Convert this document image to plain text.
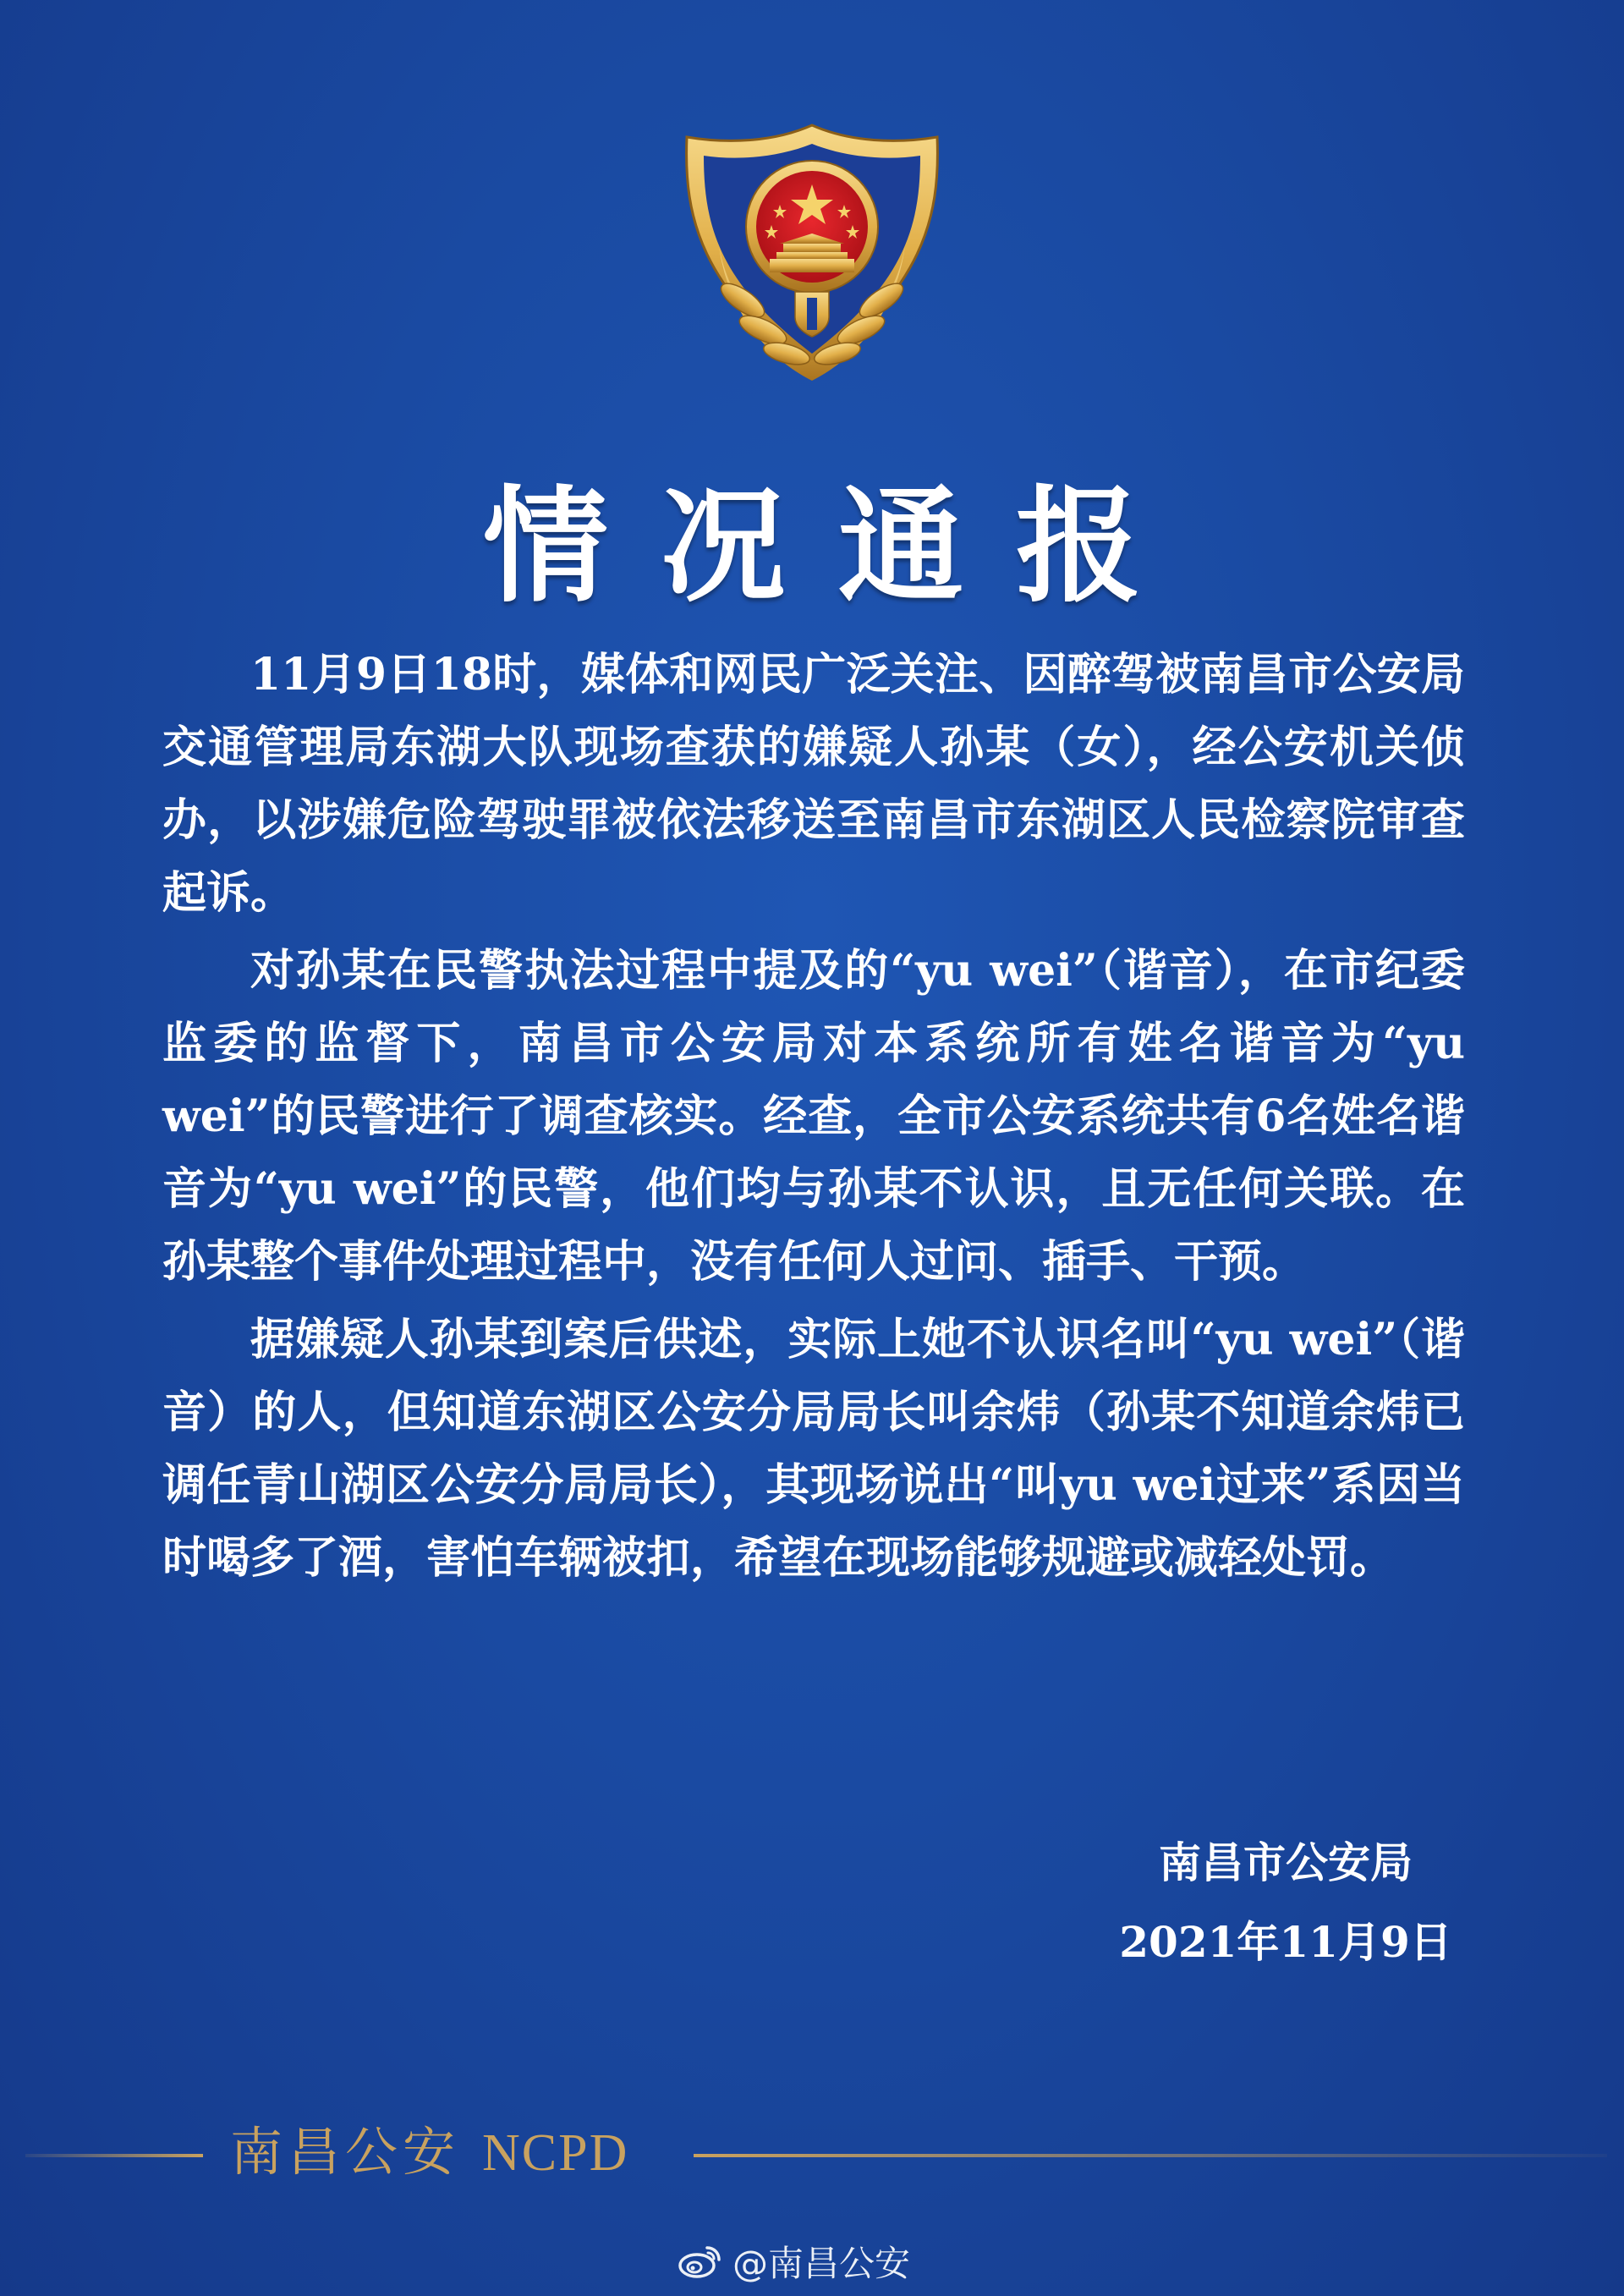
情况通报

11月9日18时，媒体和网民广泛关注、因醉驾被南昌市公安局交通管理局东湖大队现场查获的嫌疑人孙某（女），经公安机关侦办，以涉嫌危险驾驶罪被依法移送至南昌市东湖区人民检察院审查起诉。

对孙某在民警执法过程中提及的“yu wei”（谐音），在市纪委监委的监督下，南昌市公安局对本系统所有姓名谐音为“yu wei”的民警进行了调查核实。经查，全市公安系统共有6名姓名谐音为“yu wei”的民警，他们均与孙某不认识，且无任何关联。在孙某整个事件处理过程中，没有任何人过问、插手、干预。

据嫌疑人孙某到案后供述，实际上她不认识名叫“yu wei”（谐音）的人，但知道东湖区公安分局局长叫余炜（孙某不知道余炜已调任青山湖区公安分局局长），其现场说出“叫yu wei过来”系因当时喝多了酒，害怕车辆被扣，希望在现场能够规避或减轻处罚。

南昌市公安局
2021年11月9日
南昌公安 NCPD
@南昌公安
